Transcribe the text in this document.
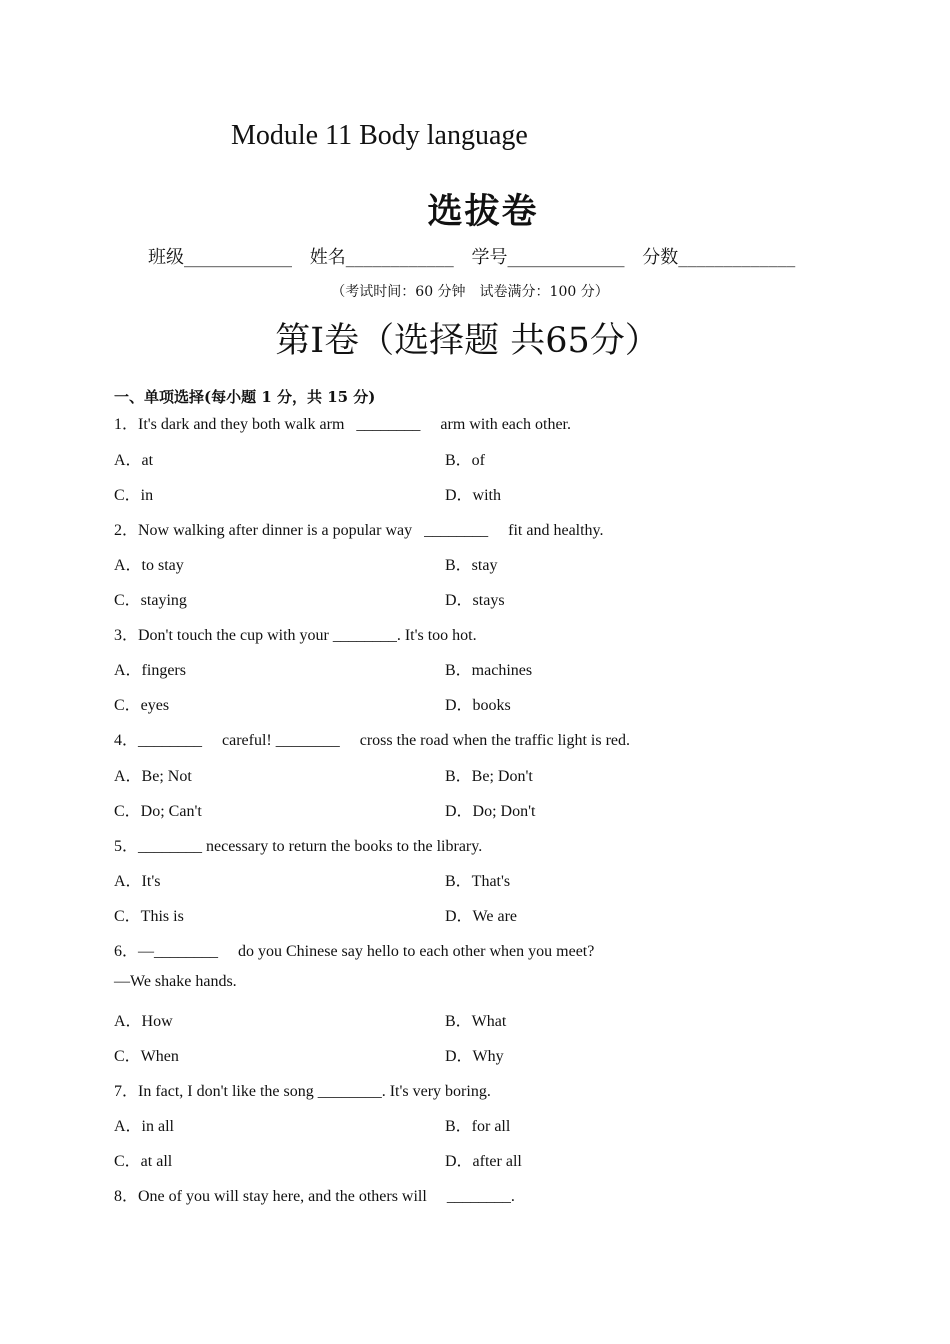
Module 11 Body language
选拔卷
班级____________ 姓名____________ 学号_____________ 分数_____________
（考试时间：60 分钟　试卷满分：100 分）
第Ⅰ卷（选择题 共65分）
一、单项选择(每小题 1 分，共 15 分)
1．It's dark and they both walk arm   ________     arm with each other.
A．at	B．of
C．in	D．with
2．Now walking after dinner is a popular way   ________     fit and healthy.
A．to stay	B．stay
C．staying	D．stays
3．Don't touch the cup with your ________. It's too hot.
A．fingers	B．machines
C．eyes	D．books
4．________     careful! ________     cross the road when the traffic light is red.
A．Be; Not	B．Be; Don't
C．Do; Can't	D．Do; Don't
5．________ necessary to return the books to the library.
A．It's	B．That's
C．This is	D．We are
6．—________     do you Chinese say hello to each other when you meet?
—We shake hands.
A．How	B．What
C．When	D．Why
7．In fact, I don't like the song ________. It's very boring.
A．in all	B．for all
C．at all	D．after all
8．One of you will stay here, and the others will     ________.
